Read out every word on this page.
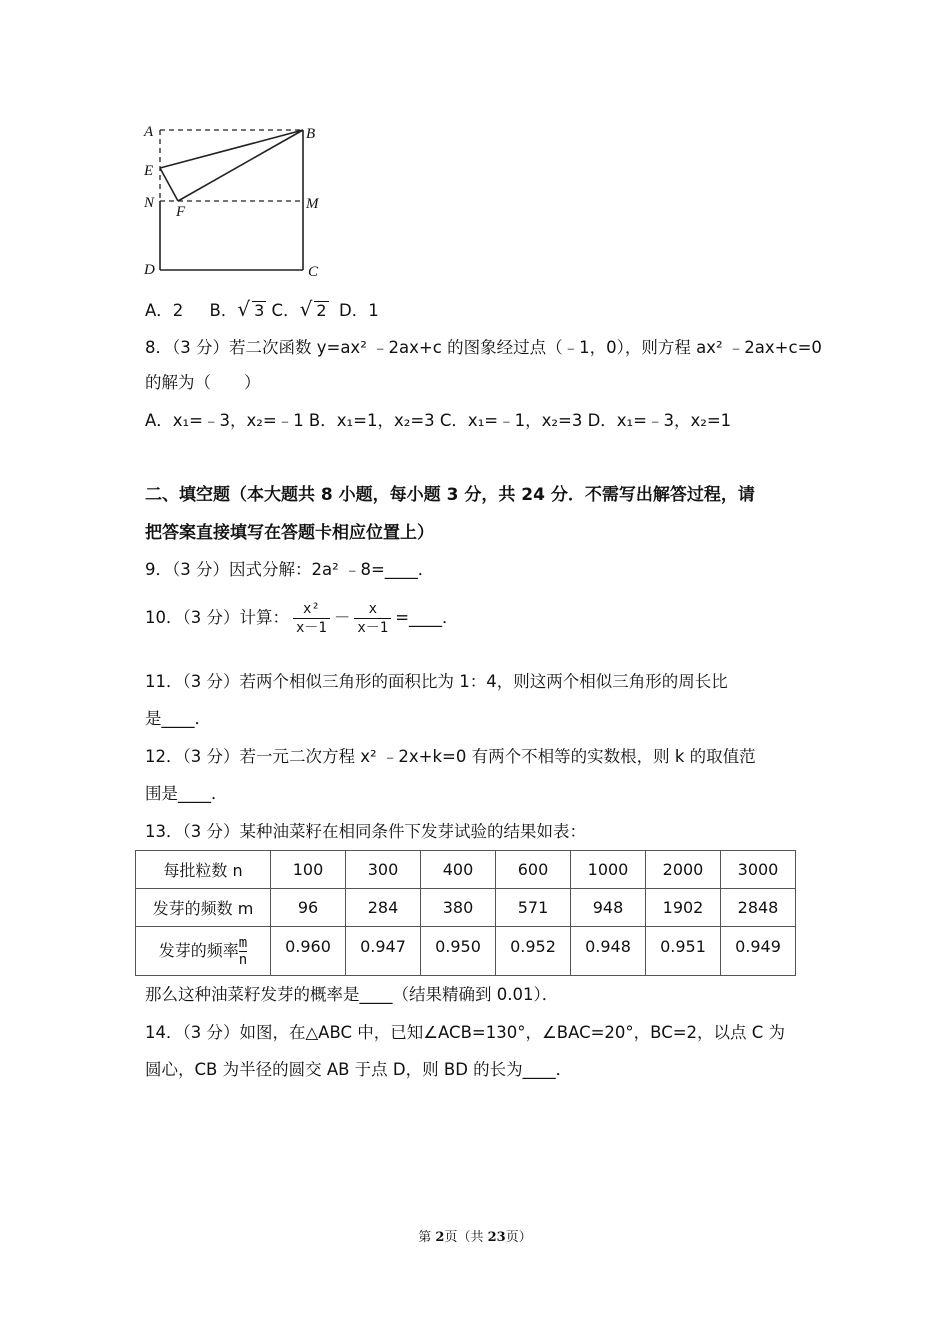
A	B
E
N
F	M
D	C
A．2 B．√ 3 C．√ 2 D．1
8．（3 分）若二次函数 y=ax² ﹣2ax+c 的图象经过点（﹣1，0），则方程 ax² ﹣2ax+c=0
的解为（　　）
A．x₁=﹣3，x₂=﹣1 B．x₁=1，x₂=3 C．x₁=﹣1，x₂=3 D．x₁=﹣3，x₂=1
二、填空题（本大题共 8 小题，每小题 3 分，共 24 分．不需写出解答过程，请
把答案直接填写在答题卡相应位置上）
9．（3 分）因式分解：2a² ﹣8=____．
10．（3 分）计算： $\frac{\text{x²}}{x-1} - \frac{x}{x-1}$ =____．
11．（3 分）若两个相似三角形的面积比为 1：4，则这两个相似三角形的周长比
是____．
12．（3 分）若一元二次方程 x² ﹣2x+k=0 有两个不相等的实数根，则 k 的取值范
围是____．
13．（3 分）某种油菜籽在相同条件下发芽试验的结果如表：
每批粒数 n	100	300	400	600	1000	2000	3000
发芽的频数 m	96	284	380	571	948	1902	2848
发芽的频率 $\frac{m}{n}$	0.960	0.947	0.950	0.952	0.948	0.951	0.949
那么这种油菜籽发芽的概率是____（结果精确到 0.01）．
14．（3 分）如图，在△ABC 中，已知∠ACB=130°，∠BAC=20°，BC=2，以点 C 为
圆心，CB 为半径的圆交 AB 于点 D，则 BD 的长为____．
第 2页（共 23页）
